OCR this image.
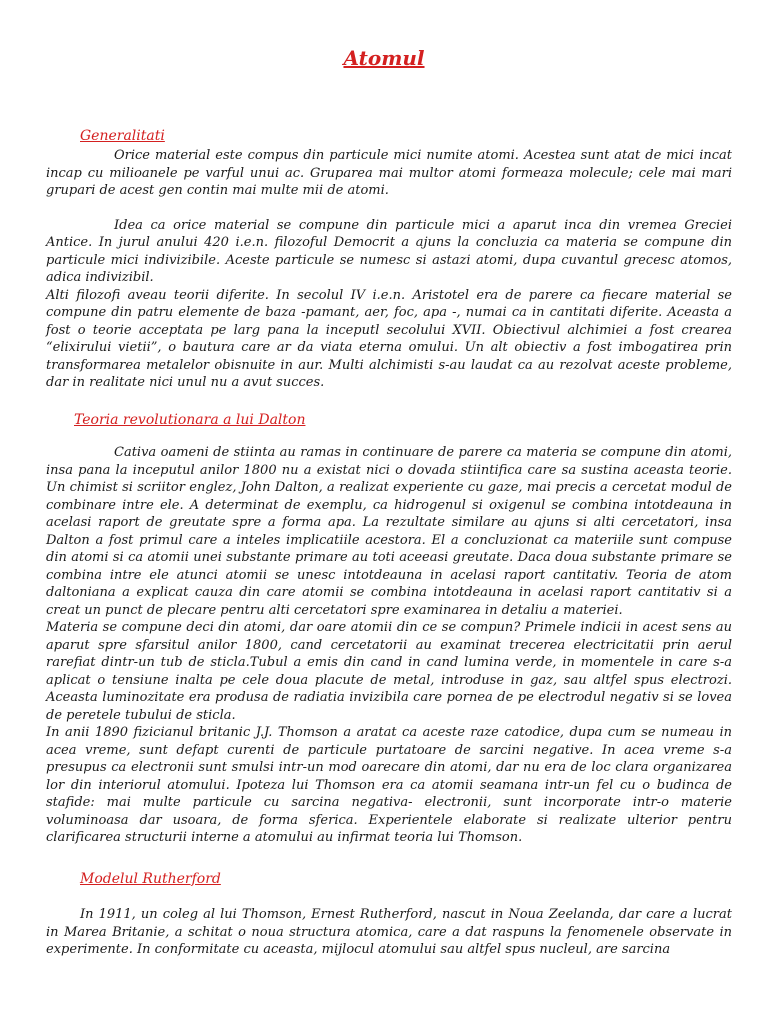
Atomul
Generalitati

Orice material este compus din particule mici numite atomi. Acestea sunt atat de mici incat incap cu milioanele pe varful unui ac. Gruparea mai multor atomi formeaza molecule; cele mai mari grupari de acest gen contin mai multe mii de atomi.

Idea ca orice material se compune din particule mici a aparut inca din vremea Greciei Antice. In jurul anului 420 i.e.n. filozoful Democrit a ajuns la concluzia ca materia se compune din particule mici indivizibile. Aceste particule se numesc si astazi atomi, dupa cuvantul grecesc atomos, adica indivizibil.

Alti filozofi aveau teorii diferite. In secolul IV i.e.n. Aristotel era de parere ca fiecare material se compune din patru elemente de baza -pamant, aer, foc, apa -, numai ca in cantitati diferite. Aceasta a fost o teorie acceptata pe larg pana la inceputl secolului XVII. Obiectivul alchimiei a fost crearea “elixirului vietii”, o bautura care ar da viata eterna omului. Un alt obiectiv a fost imbogatirea prin transformarea metalelor obisnuite in aur. Multi alchimisti s-au laudat ca au rezolvat aceste probleme, dar in realitate nici unul nu a avut succes.

Teoria revolutionara a lui Dalton

Cativa oameni de stiinta au ramas in continuare de parere ca materia se compune din atomi, insa pana la inceputul anilor 1800 nu a existat nici o dovada stiintifica care sa sustina aceasta teorie. Un chimist si scriitor englez, John Dalton, a realizat experiente cu gaze, mai precis a cercetat modul de combinare intre ele. A determinat de exemplu, ca hidrogenul si oxigenul se combina intotdeauna in acelasi raport de greutate spre a forma apa. La rezultate similare au ajuns si alti cercetatori, insa Dalton a fost primul care a inteles implicatiile acestora. El a concluzionat ca materiile sunt compuse din atomi si ca atomii unei substante primare au toti aceeasi greutate. Daca doua substante primare se combina intre ele atunci atomii se unesc intotdeauna in acelasi raport cantitativ. Teoria de atom daltoniana a explicat cauza din care atomii se combina intotdeauna in acelasi raport cantitativ si a creat un punct de plecare pentru alti cercetatori spre examinarea in detaliu a materiei.

Materia se compune deci din atomi, dar oare atomii din ce se compun? Primele indicii in acest sens au aparut spre sfarsitul anilor 1800, cand cercetatorii au examinat trecerea electricitatii prin aerul rarefiat dintr-un tub de sticla.Tubul a emis din cand in cand lumina verde, in momentele in care s-a aplicat o tensiune inalta pe cele doua placute de metal, introduse in gaz, sau altfel spus electrozi. Aceasta luminozitate era produsa de radiatia invizibila care pornea de pe electrodul negativ si se lovea de peretele tubului de sticla.

In anii 1890 fizicianul britanic J.J. Thomson a aratat ca aceste raze catodice, dupa cum se numeau in acea vreme, sunt defapt curenti de particule purtatoare de sarcini negative. In acea vreme s-a presupus ca electronii sunt smulsi intr-un mod oarecare din atomi, dar nu era de loc clara organizarea lor din interiorul atomului. Ipoteza lui Thomson era ca atomii seamana intr-un fel cu o budinca de stafide: mai multe particule cu sarcina negativa- electronii, sunt incorporate intr-o materie voluminoasa dar usoara, de forma sferica. Experientele elaborate si realizate ulterior pentru clarificarea structurii interne a atomului au infirmat teoria lui Thomson.

Modelul Rutherford

In 1911, un coleg al lui Thomson, Ernest Rutherford, nascut in Noua Zeelanda, dar care a lucrat in Marea Britanie, a schitat o noua structura atomica, care a dat raspuns la fenomenele observate in experimente. In conformitate cu aceasta, mijlocul atomului sau altfel spus nucleul, are sarcina
